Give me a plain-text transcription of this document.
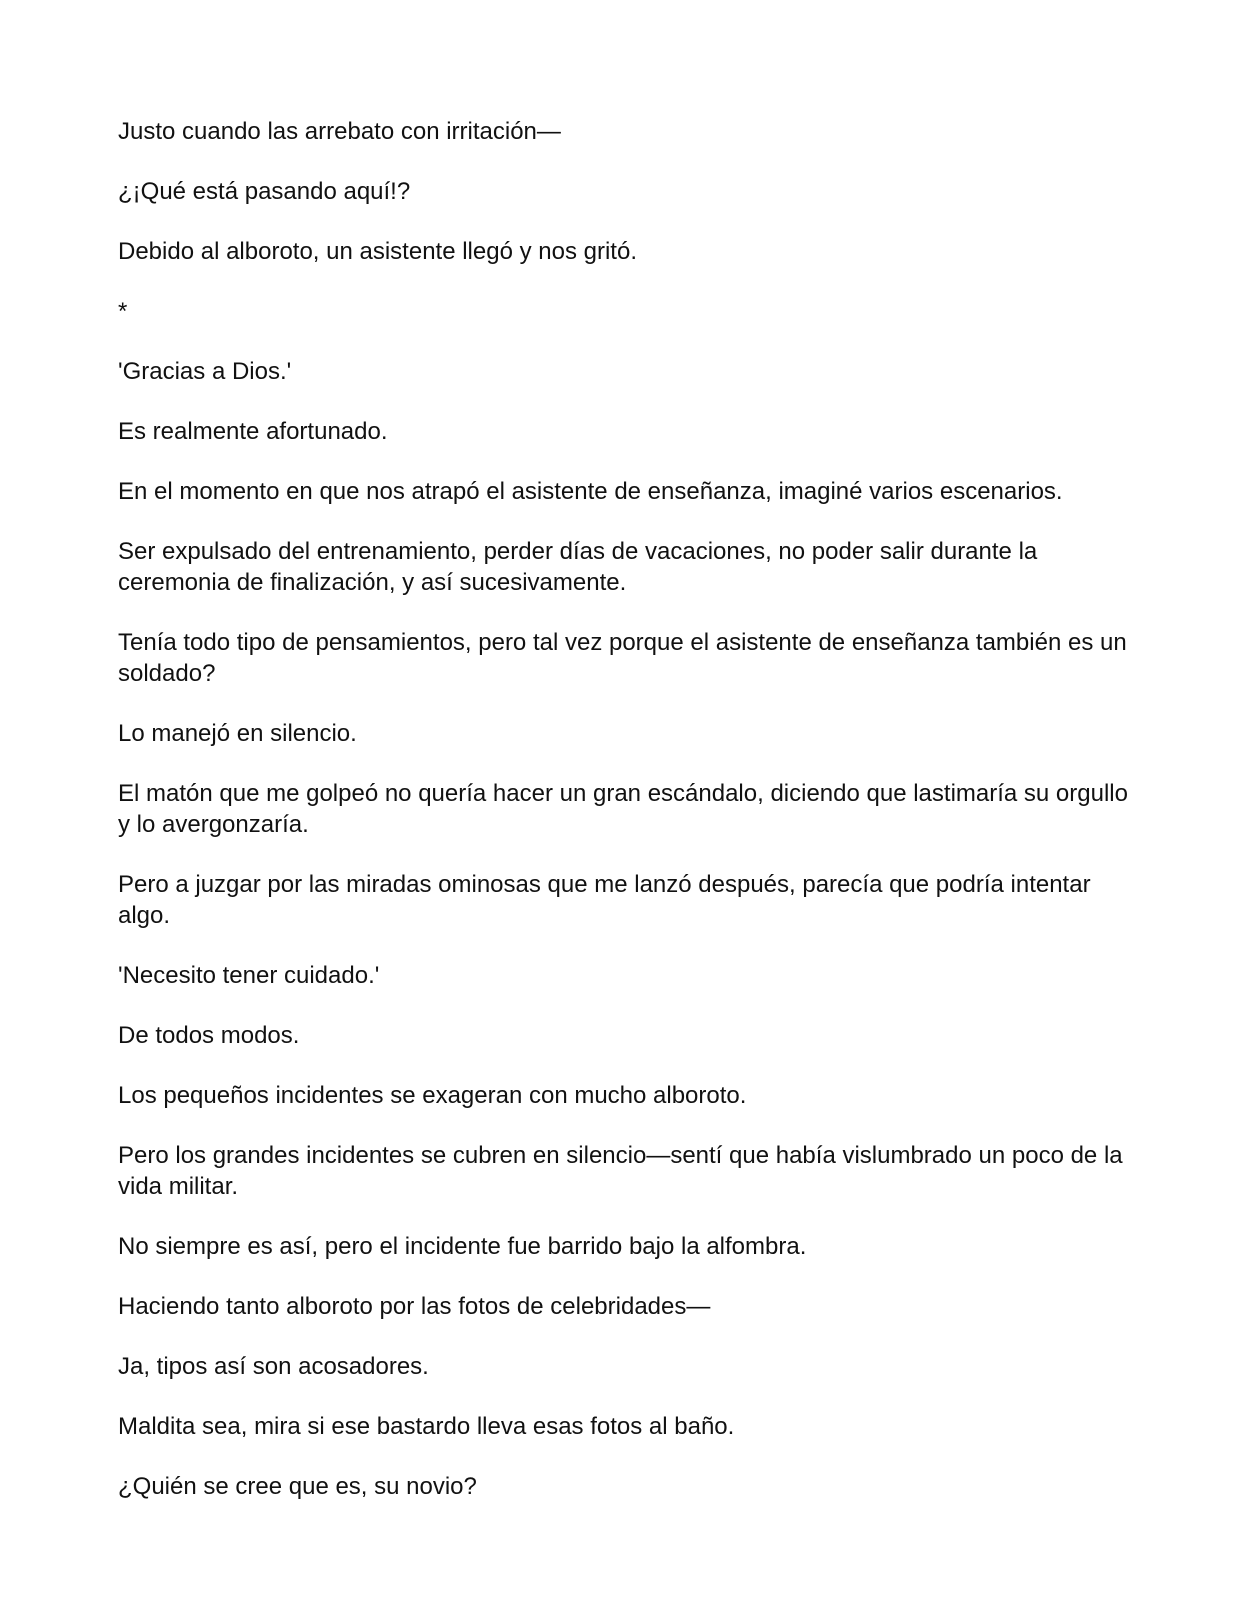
Justo cuando las arrebato con irritación—

¿¡Qué está pasando aquí!?

Debido al alboroto, un asistente llegó y nos gritó.

*

'Gracias a Dios.'

Es realmente afortunado.

En el momento en que nos atrapó el asistente de enseñanza, imaginé varios escenarios.

Ser expulsado del entrenamiento, perder días de vacaciones, no poder salir durante la ceremonia de finalización, y así sucesivamente.

Tenía todo tipo de pensamientos, pero tal vez porque el asistente de enseñanza también es un soldado?

Lo manejó en silencio.

El matón que me golpeó no quería hacer un gran escándalo, diciendo que lastimaría su orgullo y lo avergonzaría.

Pero a juzgar por las miradas ominosas que me lanzó después, parecía que podría intentar algo.

'Necesito tener cuidado.'

De todos modos.

Los pequeños incidentes se exageran con mucho alboroto.

Pero los grandes incidentes se cubren en silencio—sentí que había vislumbrado un poco de la vida militar.

No siempre es así, pero el incidente fue barrido bajo la alfombra.

Haciendo tanto alboroto por las fotos de celebridades—

Ja, tipos así son acosadores.

Maldita sea, mira si ese bastardo lleva esas fotos al baño.

¿Quién se cree que es, su novio?
